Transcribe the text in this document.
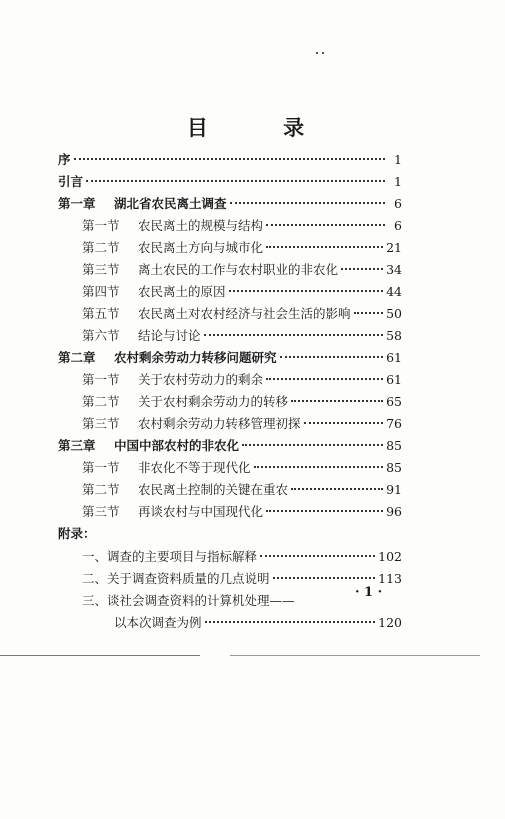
目 录
序	1
引言	1
第一章	湖北省农民离土调查	6
第一节	农民离土的规模与结构	6
第二节	农民离土方向与城市化	21
第三节	离土农民的工作与农村职业的非农化	34
第四节	农民离土的原因	44
第五节	农民离土对农村经济与社会生活的影响	50
第六节	结论与讨论	58
第二章	农村剩余劳动力转移问题研究	61
第一节	关于农村劳动力的剩余	61
第二节	关于农村剩余劳动力的转移	65
第三节	农村剩余劳动力转移管理初探	76
第三章	中国中部农村的非农化	85
第一节	非农化不等于现代化	85
第二节	农民离土控制的关键在重农	91
第三节	再谈农村与中国现代化	96
附录：
一、调查的主要项目与指标解释	102
二、关于调查资料质量的几点说明	113
三、谈社会调查资料的计算机处理——
以本次调查为例	120
· 1 ·
